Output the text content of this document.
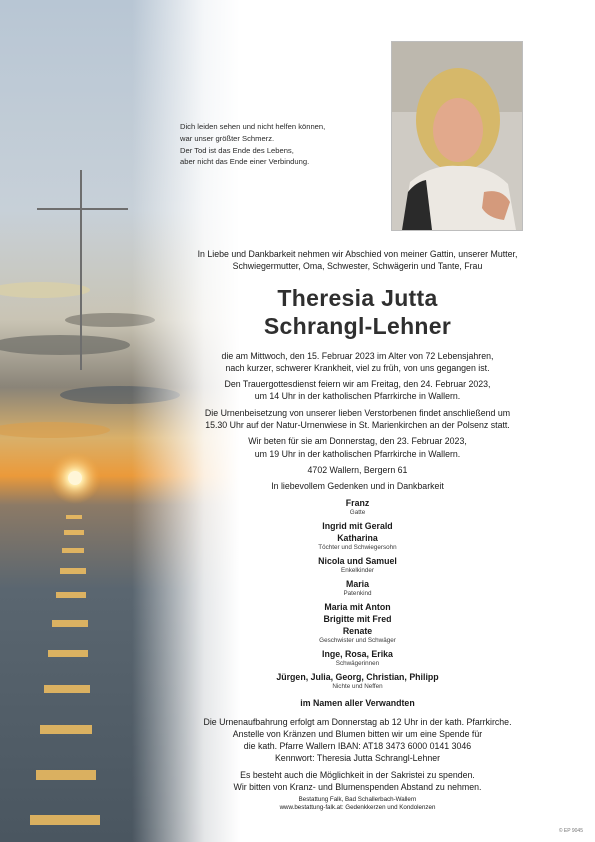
Dich leiden sehen und nicht helfen können,
war unser größter Schmerz.
Der Tod ist das Ende des Lebens,
aber nicht das Ende einer Verbindung.
In Liebe und Dankbarkeit nehmen wir Abschied von meiner Gattin, unserer Mutter,
Schwiegermutter, Oma, Schwester, Schwägerin und Tante, Frau
Theresia Jutta
Schrangl-Lehner
die am Mittwoch, den 15. Februar 2023 im Alter von 72 Lebensjahren,
nach kurzer, schwerer Krankheit, viel zu früh, von uns gegangen ist.
Den Trauergottesdienst feiern wir am Freitag, den 24. Februar 2023,
um 14 Uhr in der katholischen Pfarrkirche in Wallern.
Die Urnenbeisetzung von unserer lieben Verstorbenen findet anschließend um
15.30 Uhr auf der Natur-Urnenwiese in St. Marienkirchen an der Polsenz statt.
Wir beten für sie am Donnerstag, den 23. Februar 2023,
um 19 Uhr in der katholischen Pfarrkirche in Wallern.
4702 Wallern, Bergern 61
In liebevollem Gedenken und in Dankbarkeit
Franz
Gatte
Ingrid mit Gerald
Katharina
Töchter und Schwiegersohn
Nicola und Samuel
Enkelkinder
Maria
Patenkind
Maria mit Anton
Brigitte mit Fred
Renate
Geschwister und Schwäger
Inge, Rosa, Erika
Schwägerinnen
Jürgen, Julia, Georg, Christian, Philipp
Nichte und Neffen
im Namen aller Verwandten
Die Urnenaufbahrung erfolgt am Donnerstag ab 12 Uhr in der kath. Pfarrkirche.
Anstelle von Kränzen und Blumen bitten wir um eine Spende für
die kath. Pfarre Wallern IBAN: AT18 3473 6000 0141 3046
Kennwort: Theresia Jutta Schrangl-Lehner
Es besteht auch die Möglichkeit in der Sakristei zu spenden.
Wir bitten von Kranz- und Blumenspenden Abstand zu nehmen.
Bestattung Falk, Bad Schallerbach-Wallern
www.bestattung-falk.at: Gedenkkerzen und Kondolenzen
© EP 9045
